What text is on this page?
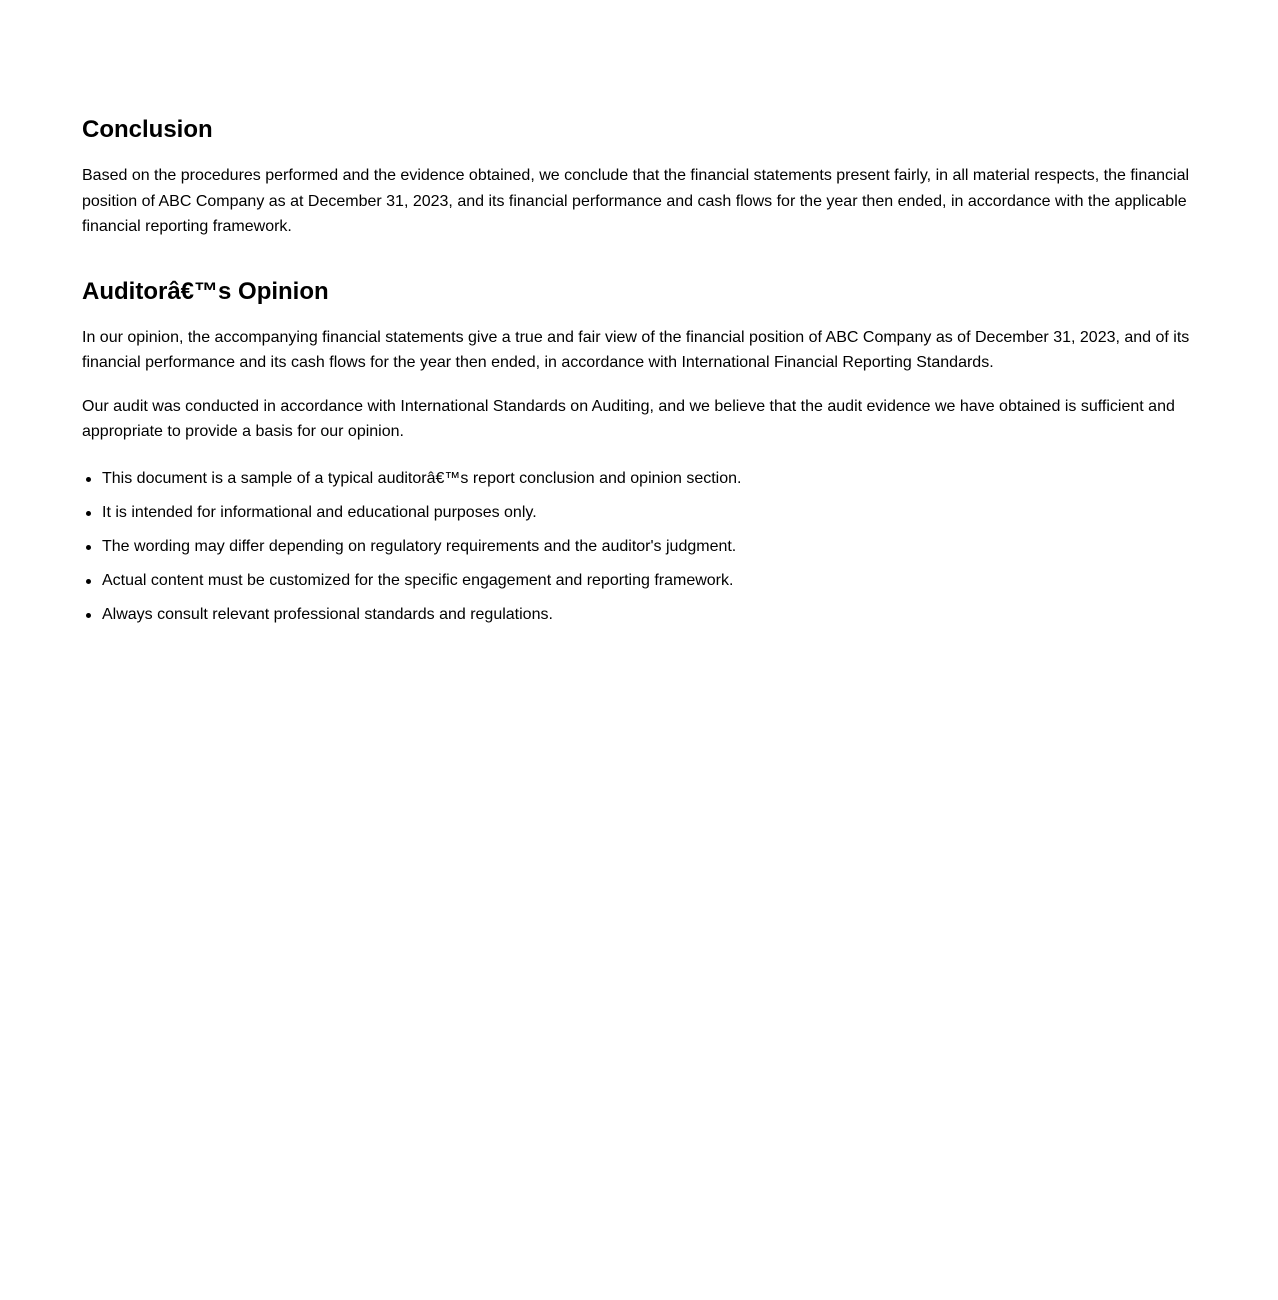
Conclusion

Based on the procedures performed and the evidence obtained, we conclude that the financial statements present fairly, in all material respects, the financial position of ABC Company as at December 31, 2023, and its financial performance and cash flows for the year then ended, in accordance with the applicable financial reporting framework.

Auditorâ€™s Opinion

In our opinion, the accompanying financial statements give a true and fair view of the financial position of ABC Company as of December 31, 2023, and of its financial performance and its cash flows for the year then ended, in accordance with International Financial Reporting Standards.

Our audit was conducted in accordance with International Standards on Auditing, and we believe that the audit evidence we have obtained is sufficient and appropriate to provide a basis for our opinion.

This document is a sample of a typical auditorâ€™s report conclusion and opinion section.
It is intended for informational and educational purposes only.
The wording may differ depending on regulatory requirements and the auditor's judgment.
Actual content must be customized for the specific engagement and reporting framework.
Always consult relevant professional standards and regulations.
